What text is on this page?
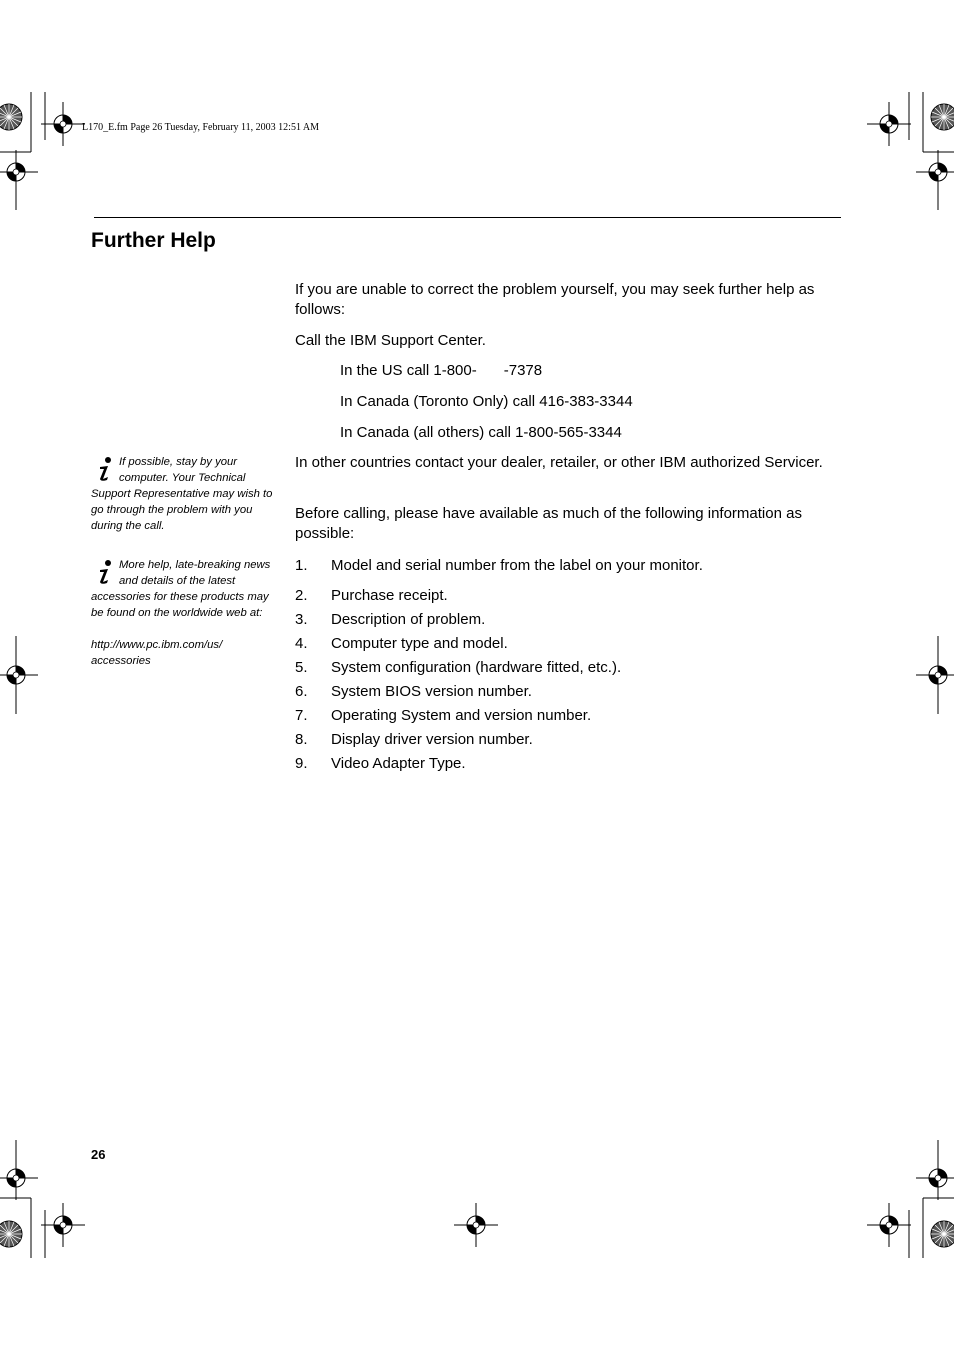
L170_E.fm Page 26 Tuesday, February 11, 2003 12:51 AM
Further Help
If you are unable to correct the problem yourself, you may seek further help as follows:
Call the IBM Support Center.
In the US call 1-800- -7378
In Canada (Toronto Only) call 416-383-3344
In Canada (all others) call 1-800-565-3344
In other countries contact your dealer, retailer, or other IBM authorized Servicer.
Before calling, please have available as much of the following information as possible:
1. Model and serial number from the label on your monitor.
2. Purchase receipt.
3. Description of problem.
4. Computer type and model.
5. System configuration (hardware fitted, etc.).
6. System BIOS version number.
7. Operating System and version number.
8. Display driver version number.
9. Video Adapter Type.
If possible, stay by your computer. Your Technical Support Representative may wish to go through the problem with you during the call.
More help, late-breaking news and details of the latest accessories for these products may be found on the worldwide web at:
http://www.pc.ibm.com/us/ accessories
26
